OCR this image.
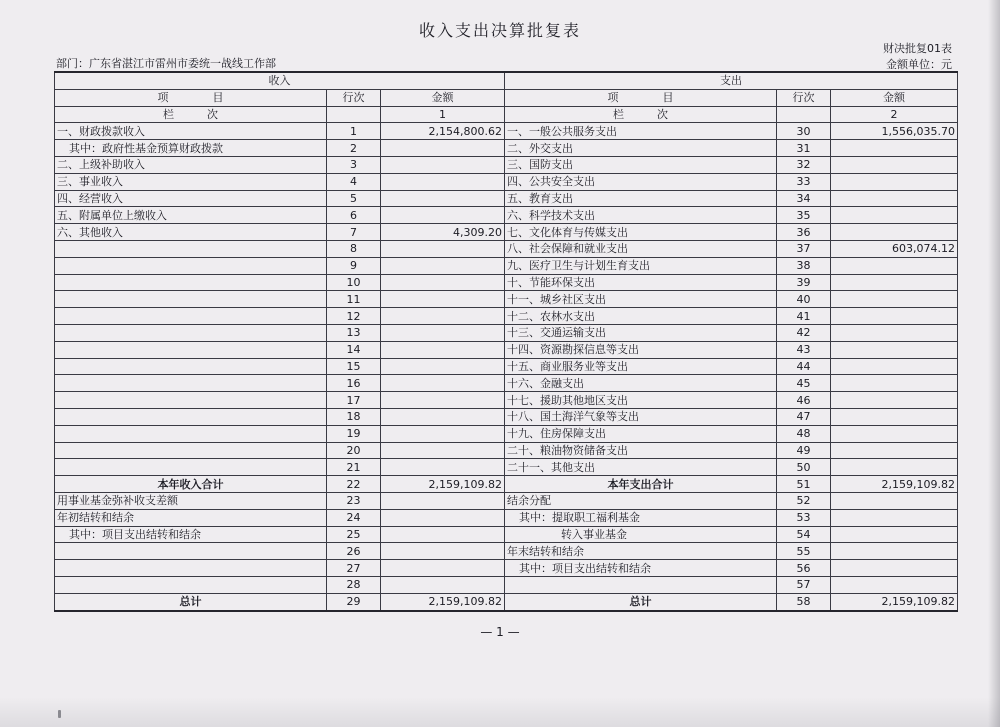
收入支出决算批复表
财决批复01表
部门：广东省湛江市雷州市委统一战线工作部	金额单位：元
收入			支出		
项　　　　目	行次	金额	项　　　　目	行次	金额
栏　　　次		1	栏　　　次		2
一、财政拨款收入	1	2,154,800.62	一、一般公共服务支出	30	1,556,035.70
其中：政府性基金预算财政拨款	2		二、外交支出	31	
二、上级补助收入	3		三、国防支出	32	
三、事业收入	4		四、公共安全支出	33	
四、经营收入	5		五、教育支出	34	
五、附属单位上缴收入	6		六、科学技术支出	35	
六、其他收入	7	4,309.20	七、文化体育与传媒支出	36	
	8		八、社会保障和就业支出	37	603,074.12
	9		九、医疗卫生与计划生育支出	38	
	10		十、节能环保支出	39	
	11		十一、城乡社区支出	40	
	12		十二、农林水支出	41	
	13		十三、交通运输支出	42	
	14		十四、资源勘探信息等支出	43	
	15		十五、商业服务业等支出	44	
	16		十六、金融支出	45	
	17		十七、援助其他地区支出	46	
	18		十八、国土海洋气象等支出	47	
	19		十九、住房保障支出	48	
	20		二十、粮油物资储备支出	49	
	21		二十一、其他支出	50	
本年收入合计	22	2,159,109.82	本年支出合计	51	2,159,109.82
用事业基金弥补收支差额	23		结余分配	52	
年初结转和结余	24		其中：提取职工福利基金	53	
其中：项目支出结转和结余	25		转入事业基金	54	
	26		年末结转和结余	55	
	27		其中：项目支出结转和结余	56	
	28			57	
总计	29	2,159,109.82	总计	58	2,159,109.82
— 1 —
